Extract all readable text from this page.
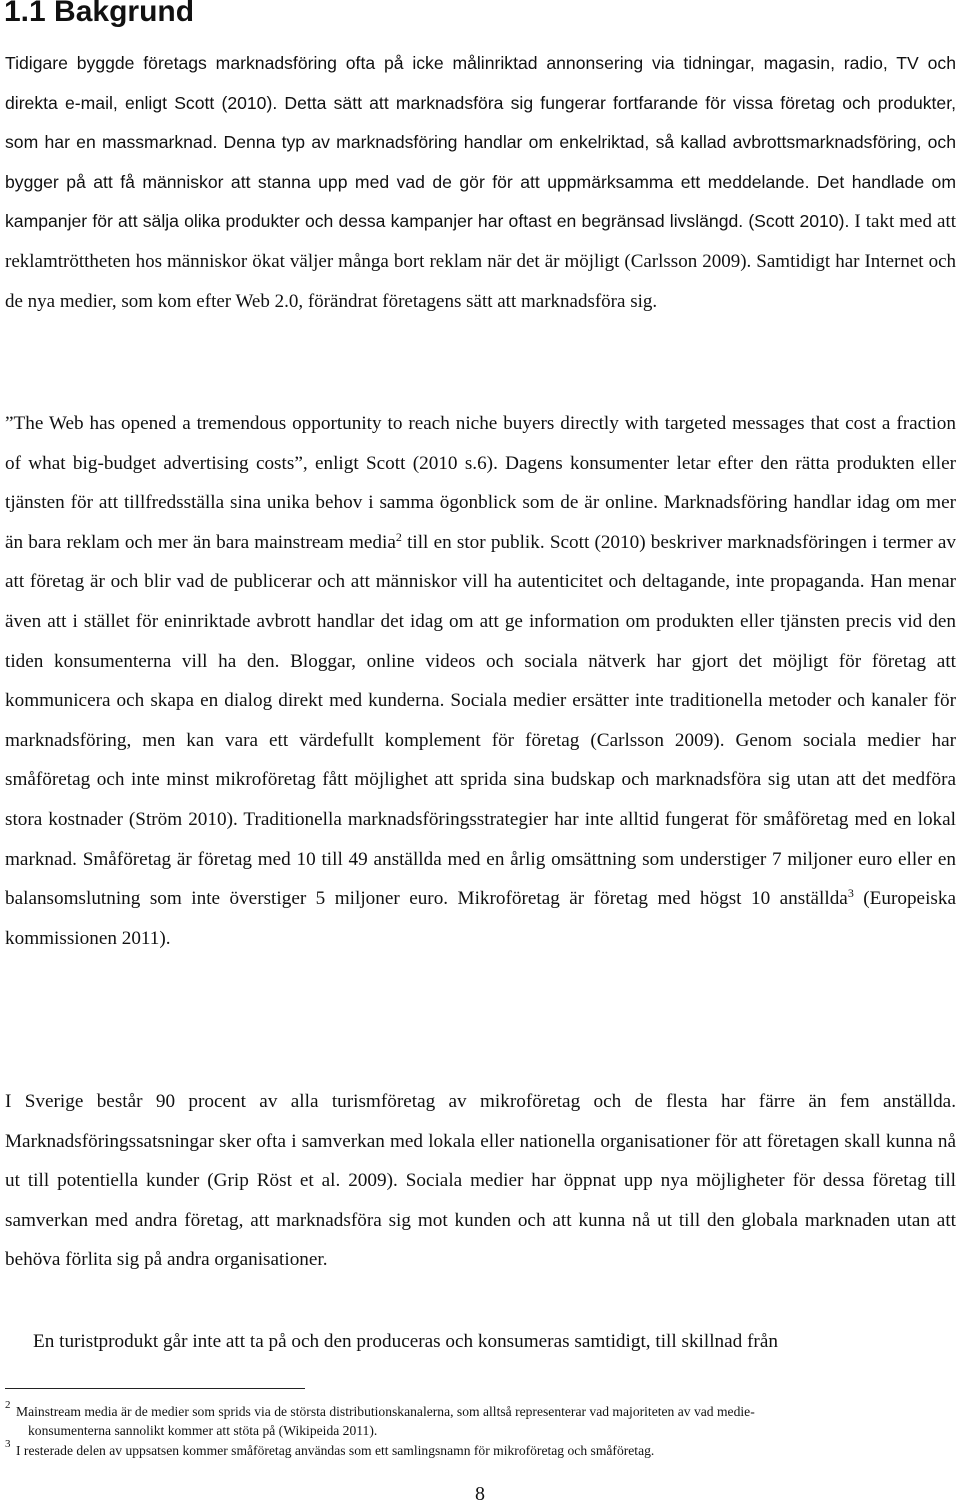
1.1 Bakgrund

Tidigare byggde företags marknadsföring ofta på icke målinriktad annonsering via tidningar, magasin, radio, TV och direkta e-mail, enligt Scott (2010). Detta sätt att marknadsföra sig fungerar fortfarande för vissa företag och produkter, som har en massmarknad. Denna typ av marknadsföring handlar om enkelriktad, så kallad avbrottsmarknadsföring, och bygger på att få människor att stanna upp med vad de gör för att uppmärksamma ett meddelande. Det handlade om kampanjer för att sälja olika produkter och dessa kampanjer har oftast en begränsad livslängd. (Scott 2010). I takt med att reklamtröttheten hos människor ökat väljer många bort reklam när det är möjligt (Carlsson 2009). Samtidigt har Internet och de nya medier, som kom efter Web 2.0, förändrat företagens sätt att marknadsföra sig.

”The Web has opened a tremendous opportunity to reach niche buyers directly with targeted messages that cost a fraction of what big-budget advertising costs”, enligt Scott (2010 s.6). Dagens konsumenter letar efter den rätta produkten eller tjänsten för att tillfredsställa sina unika behov i samma ögonblick som de är online. Marknadsföring handlar idag om mer än bara reklam och mer än bara mainstream media$^2$ till en stor publik. Scott (2010) beskriver marknadsföringen i termer av att företag är och blir vad de publicerar och att människor vill ha autenticitet och deltagande, inte propaganda. Han menar även att i stället för eninriktade avbrott handlar det idag om att ge information om produkten eller tjänsten precis vid den tiden konsumenterna vill ha den. Bloggar, online videos och sociala nätverk har gjort det möjligt för företag att kommunicera och skapa en dialog direkt med kunderna. Sociala medier ersätter inte traditionella metoder och kanaler för marknadsföring, men kan vara ett värdefullt komplement för företag (Carlsson 2009). Genom sociala medier har småföretag och inte minst mikroföretag fått möjlighet att sprida sina budskap och marknadsföra sig utan att det medföra stora kostnader (Ström 2010). Traditionella marknadsföringsstrategier har inte alltid fungerat för småföretag med en lokal marknad. Småföretag är företag med 10 till 49 anställda med en årlig omsättning som understiger 7 miljoner euro eller en balansomslutning som inte överstiger 5 miljoner euro. Mikroföretag är företag med högst 10 anställda$^3$ (Europeiska kommissionen 2011).

I Sverige består 90 procent av alla turismföretag av mikroföretag och de flesta har färre än fem anställda. Marknadsföringssatsningar sker ofta i samverkan med lokala eller nationella organisationer för att företagen skall kunna nå ut till potentiella kunder (Grip Röst et al. 2009). Sociala medier har öppnat upp nya möjligheter för dessa företag till samverkan med andra företag, att marknadsföra sig mot kunden och att kunna nå ut till den globala marknaden utan att behöva förlita sig på andra organisationer.

En turistprodukt går inte att ta på och den produceras och konsumeras samtidigt, till skillnad från

2 Mainstream media är de medier som sprids via de största distributionskanalerna, som alltså representerar vad majoriteten av vad medie-
konsumenterna sannolikt kommer att stöta på (Wikipeida 2011).
3 I resterade delen av uppsatsen kommer småföretag användas som ett samlingsnamn för mikroföretag och småföretag.
8
